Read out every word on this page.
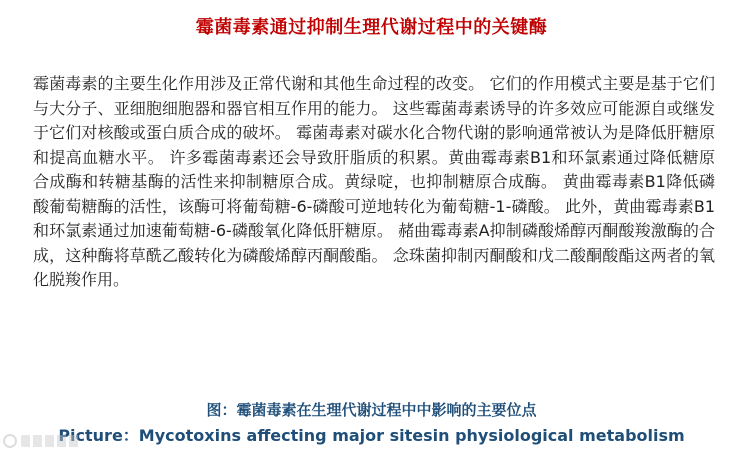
霉菌毒素通过抑制生理代谢过程中的关键酶

霉菌毒素的主要生化作用涉及正常代谢和其他生命过程的改变。 它们的作用模式主要是基于它们与大分子、亚细胞细胞器和器官相互作用的能力。 这些霉菌毒素诱导的许多效应可能源自或继发于它们对核酸或蛋白质合成的破坏。 霉菌毒素对碳水化合物代谢的影响通常被认为是降低肝糖原和提高血糖水平。 许多霉菌毒素还会导致肝脂质的积累。黄曲霉毒素B1和环氯素通过降低糖原合成酶和转糖基酶的活性来抑制糖原合成。黄绿啶，也抑制糖原合成酶。 黄曲霉毒素B1降低磷酸葡萄糖酶的活性，该酶可将葡萄糖-6-磷酸可逆地转化为葡萄糖-1-磷酸。 此外，黄曲霉毒素B1和环氯素通过加速葡萄糖-6-磷酸氧化降低肝糖原。 赭曲霉毒素A抑制磷酸烯醇丙酮酸羧激酶的合成，这种酶将草酰乙酸转化为磷酸烯醇丙酮酸酯。 念珠菌抑制丙酮酸和戊二酸酮酸酯这两者的氧化脱羧作用。

图：霉菌毒素在生理代谢过程中中影响的主要位点
Picture：Mycotoxins affecting major sitesin physiological metabolism
